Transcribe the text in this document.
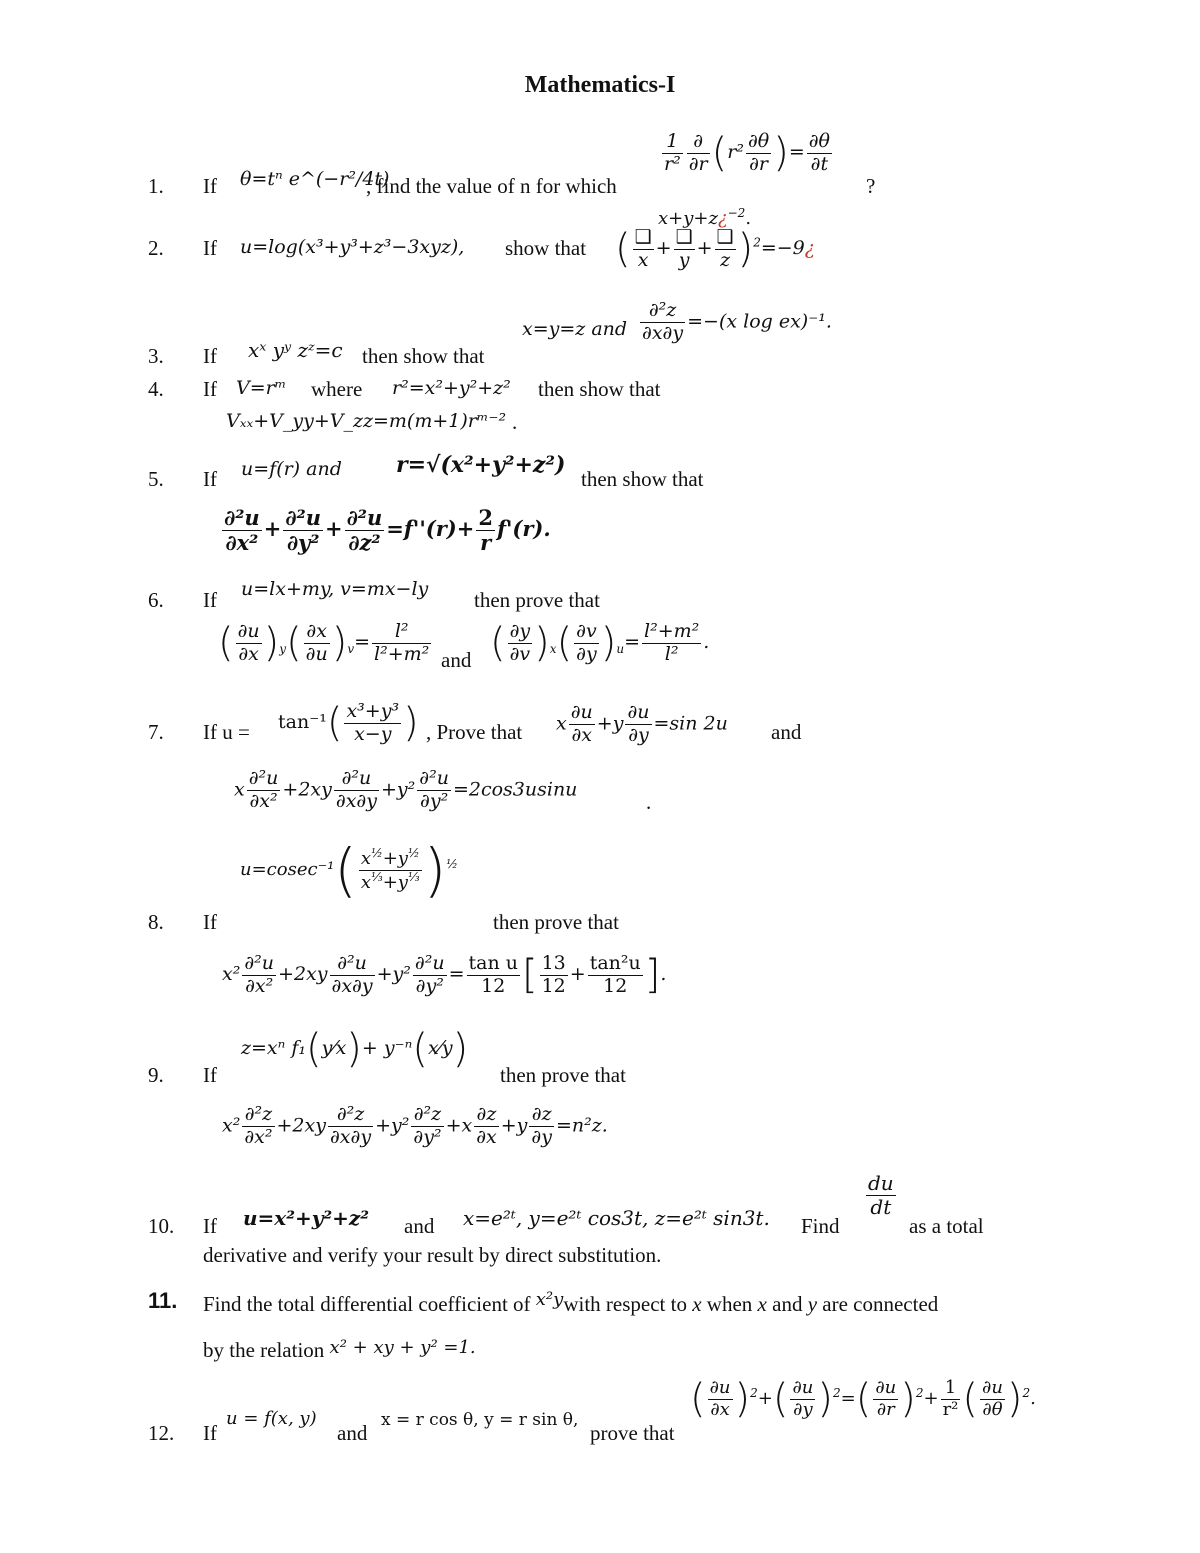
Mathematics-I
1.
2.
3.
4.
5.
6.
7.
8.
9.
10.
11.
12.
If θ=tⁿ e^(−r²/4t)
, find the value of n for which
$\frac{1}{\text{r²}} \frac{\partial}{\partial r} (r^2 \frac{\partial\theta}{\partial r}$ )= $\frac{\partial\theta}{\partial t}$
?
If u=log(x³+y³+z³−3xyz), show that
x+y+z¿$^{-2}$.
( $\frac{❑}{x} + \frac{❑}{y} + \frac{❑}{z}$ )$^2$=−9¿
If xˣ yʸ zᶻ=c then show that
x=y=z and $\frac{\text{∂²z}}{\partial x\partial y} =-(x$ log ex)⁻¹.
If V=rᵐ where r²=x²+y²+z² then show that
Vₓₓ+V_yy+V_zz=m(m+1)rᵐ⁻² .
If u=f(r) and r=√(x²+y²+z²)
then show that
$\frac{\text{∂²u}}{\text{∂x²}} + \frac{\text{∂²u}}{\text{∂y²}} + \frac{\text{∂²u}}{\text{∂z²}} =f''(r)+ \frac{2}{r} f'(r)$.
If u=lx+my, v=mx−ly then prove that
( $\frac{\partial u}{\partial x} )_y( \frac{\partial x}{\partial u} )_v= \frac{\text{l²}}{\text{l²+m²}}$ and ( $\frac{\partial y}{\partial v} )_x( \frac{\partial v}{\partial y} )_u= \frac{\text{l²+m²}}{\text{l²}}$ .
If $u = \tan^{-1}( \frac{\text{x³+y³}}{x-y}$ ) , Prove that x $\frac{\partial u}{\partial x} +y \frac{\partial u}{\partial y} =\sin$ 2u and
x $\frac{\text{∂²u}}{\text{∂x²}} +2xy \frac{\text{∂²u}}{\partial x\partial y} +y^2 \frac{\text{∂²u}}{\text{∂y²}} =2\cos 3usinu$
.
If
$u=cosec^{-1}( \frac{x^{\frac{1}{2}}+y^{\frac{1}{2}}}{x^{\frac{1}{3}}+y^{\frac{1}{3}}} )^{\frac{1}{2}}$
then prove that
$x^2 \frac{\text{∂²u}}{\text{∂x²}} +2xy \frac{\text{∂²u}}{\partial x\partial y} +y^2 \frac{\text{∂²u}}{\text{∂y²}} = \frac{\text{tan u}}{12}$ [ $\frac{13}{12} + \frac{\text{tan²u}}{12}$ ].
If
z=xⁿ f₁(y⁄x)+ y⁻ⁿ(x⁄y)
then prove that
$x^2 \frac{\text{∂²z}}{\text{∂x²}} +2xy \frac{\text{∂²z}}{\partial x\partial y} +y^2 \frac{\text{∂²z}}{\text{∂y²}} +x \frac{\partial z}{\partial x} +y \frac{\partial z}{\partial y} =n^2z$.
If u=x²+y²+z² and x=e²ᵗ, y=e²ᵗ cos3t, z=e²ᵗ sin3t. Find
$\frac{du}{dt}$
as a total
derivative and verify your result by direct substitution.
Find the total differential coefficient of x²ywith respect to x when x and y are connected
by the relation x² + xy + y² =1.
If
u = f(x, y)
and
x = r cos θ, y = r sin θ,
prove that
( $\frac{\partial u}{\partial x} )^2+( \frac{\partial u}{\partial y} )^2=( \frac{\partial u}{\partial r} )^2+ \frac{1}{\text{r²}}$ ( $\frac{\partial u}{\partial\theta} )^2$.
